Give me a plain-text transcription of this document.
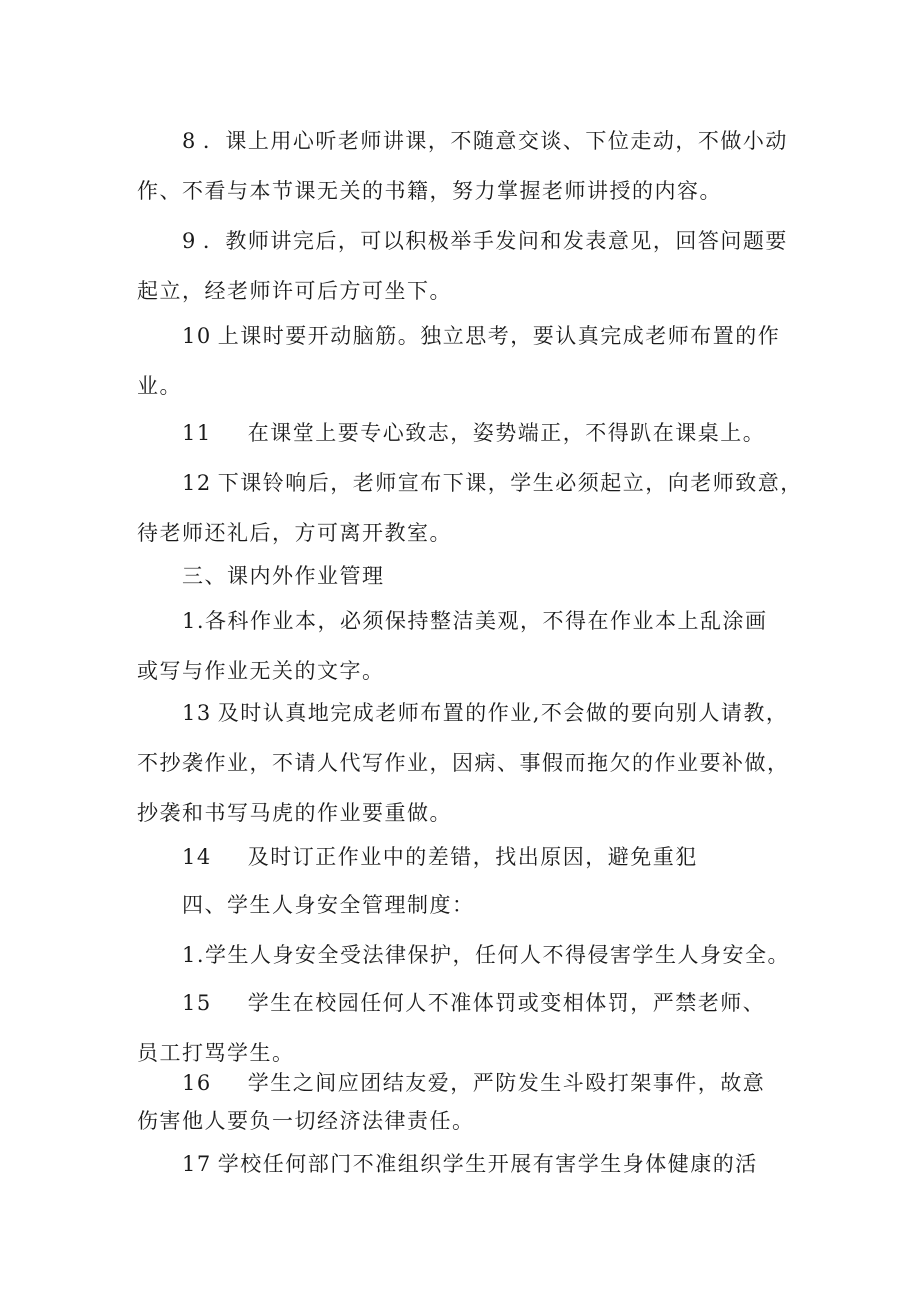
8 ．课上用心听老师讲课，不随意交谈、下位走动，不做小动
作、不看与本节课无关的书籍，努力掌握老师讲授的内容。
9 ．教师讲完后，可以积极举手发问和发表意见，回答问题要
起立，经老师许可后方可坐下。
10 上课时要开动脑筋。独立思考，要认真完成老师布置的作
业。
11 在课堂上要专心致志，姿势端正，不得趴在课桌上。
12 下课铃响后，老师宣布下课，学生必须起立，向老师致意，
待老师还礼后，方可离开教室。
三、课内外作业管理
1.各科作业本，必须保持整洁美观，不得在作业本上乱涂画
或写与作业无关的文字。
13 及时认真地完成老师布置的作业,不会做的要向别人请教，
不抄袭作业，不请人代写作业，因病、事假而拖欠的作业要补做，
抄袭和书写马虎的作业要重做。
14 及时订正作业中的差错，找出原因，避免重犯
四、学生人身安全管理制度：
1.学生人身安全受法律保护，任何人不得侵害学生人身安全。
15 学生在校园任何人不准体罚或变相体罚，严禁老师、
员工打骂学生。
16 学生之间应团结友爱，严防发生斗殴打架事件，故意
伤害他人要负一切经济法律责任。
17 学校任何部门不准组织学生开展有害学生身体健康的活
